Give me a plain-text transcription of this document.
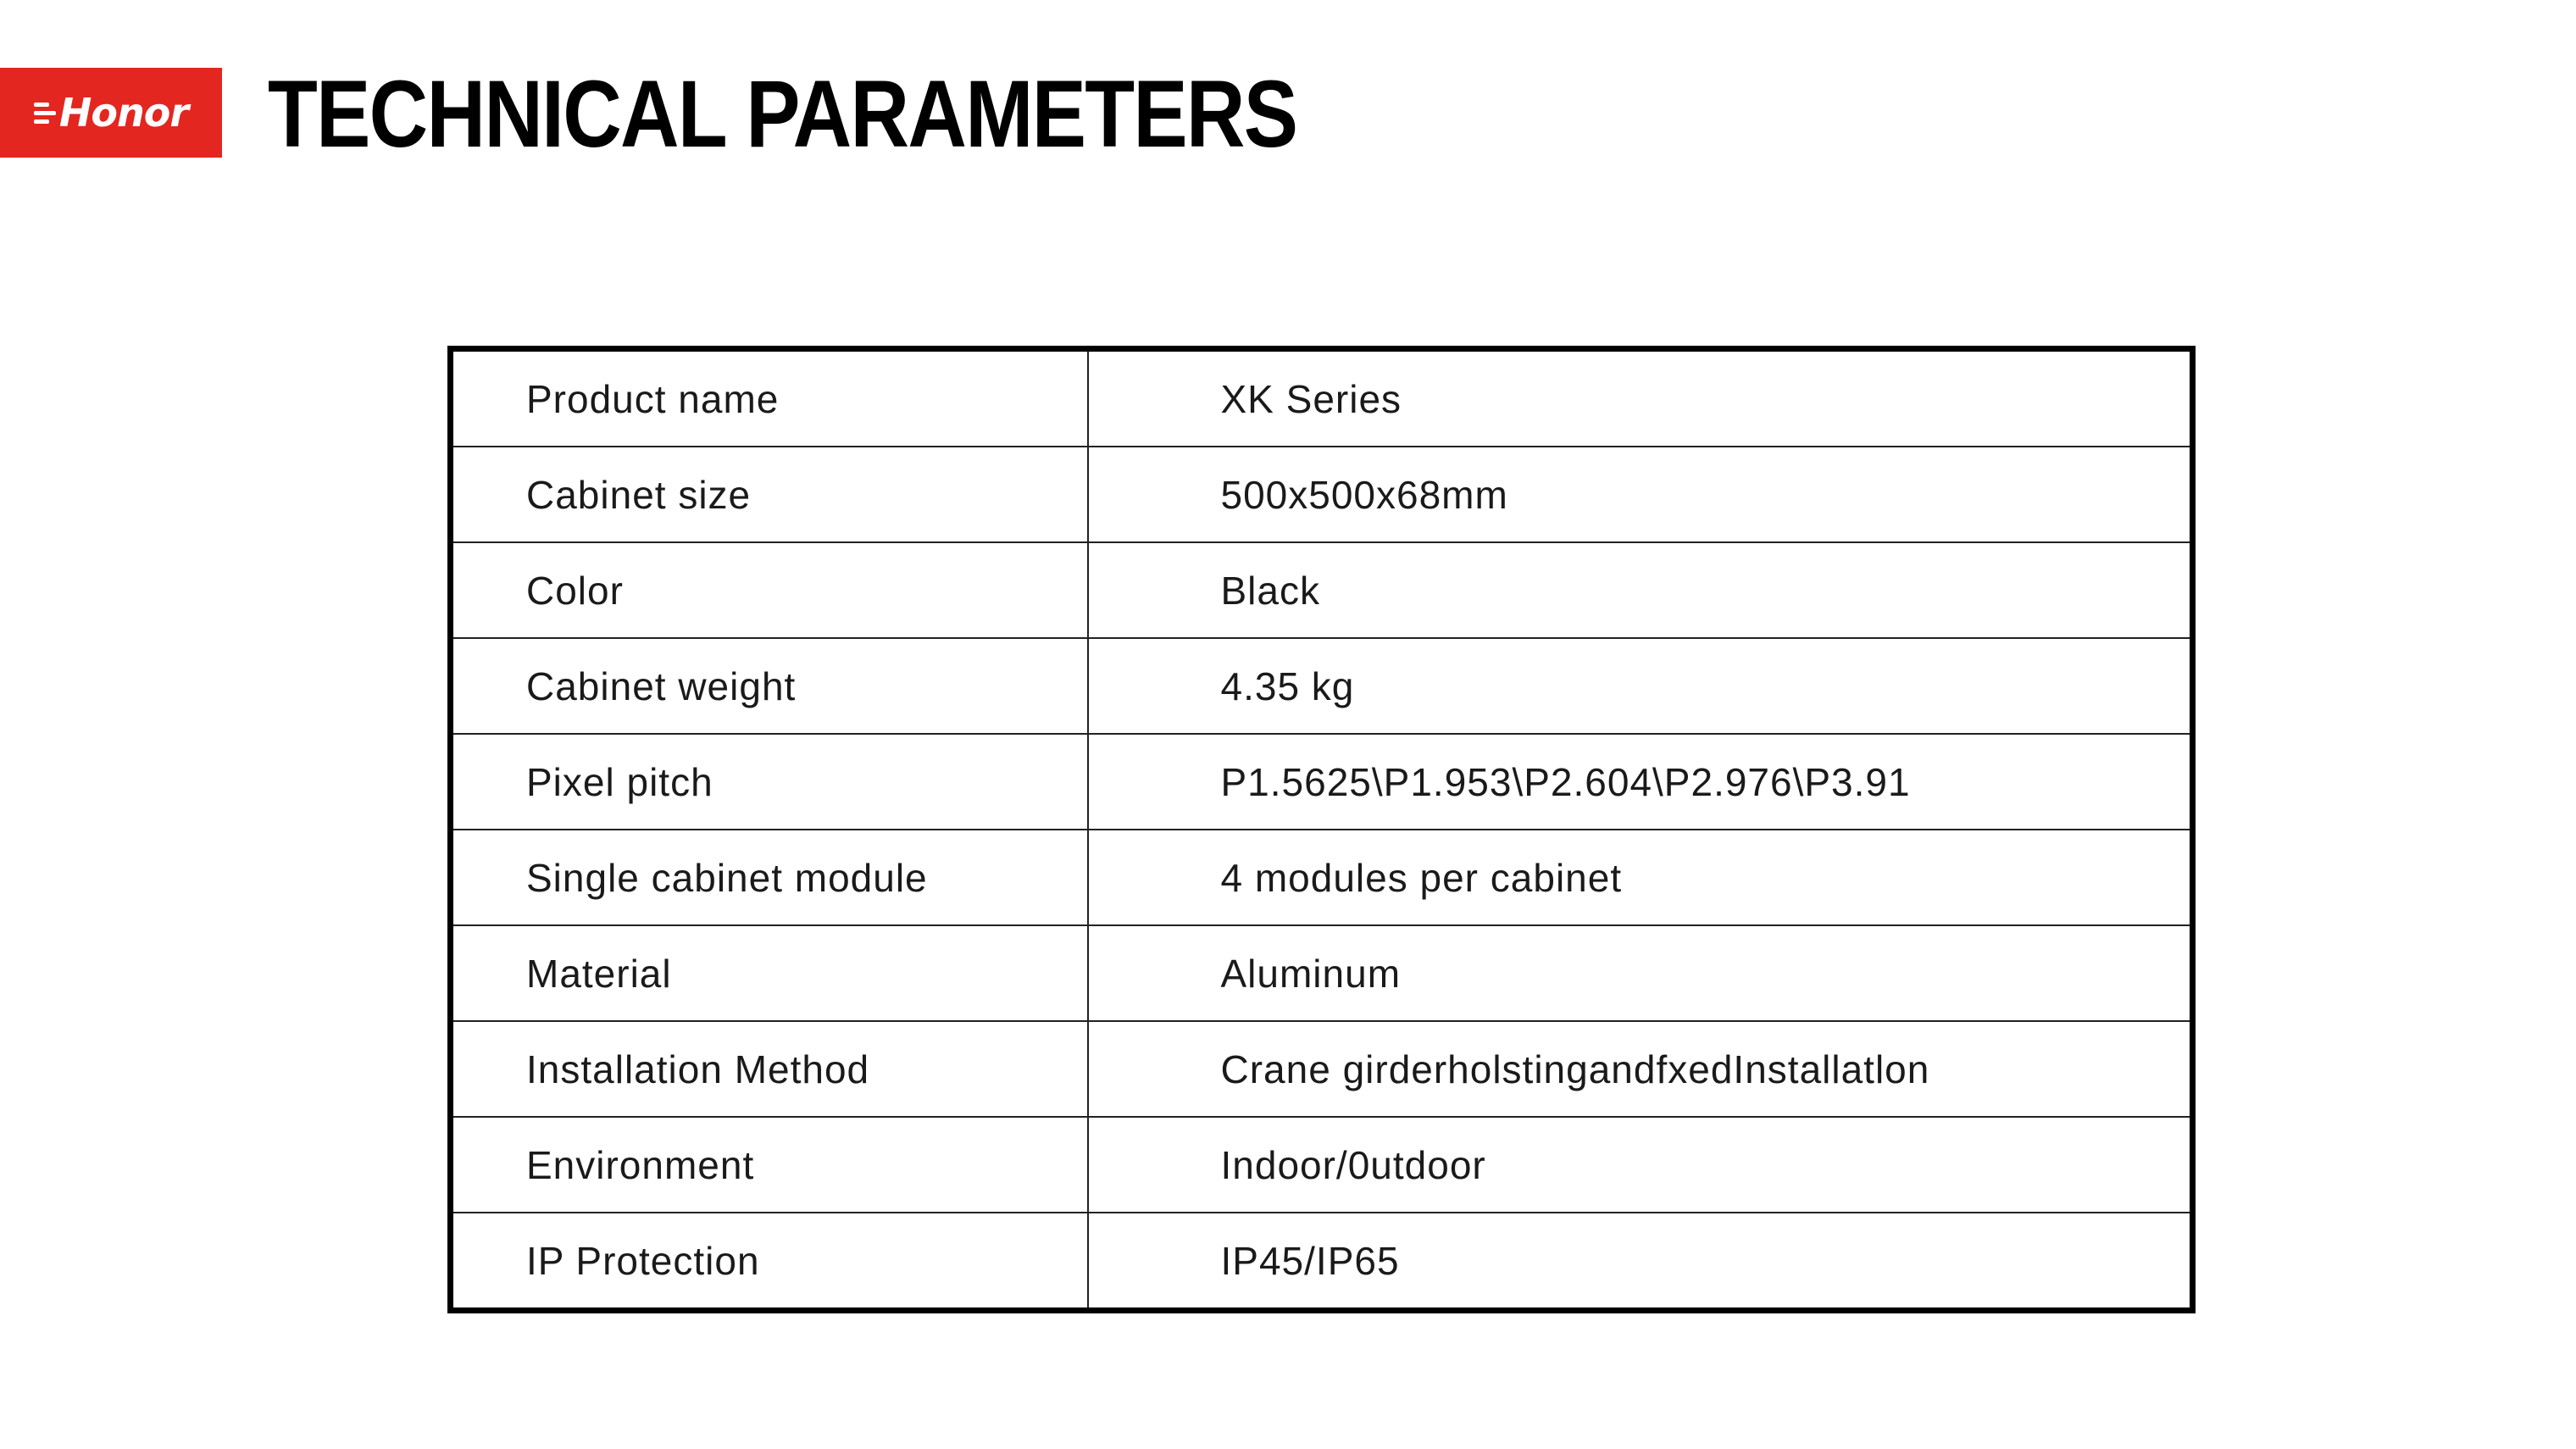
Honor TECHNICAL PARAMETERS
Product name	XK Series
Cabinet size	500x500x68mm
Color	Black
Cabinet weight	4.35 kg
Pixel pitch	P1.5625\P1.953\P2.604\P2.976\P3.91
Single cabinet module	4 modules per cabinet
Material	Aluminum
Installation Method	Crane girderholstingandfxedInstallatlon
Environment	Indoor/0utdoor
IP Protection	IP45/IP65
